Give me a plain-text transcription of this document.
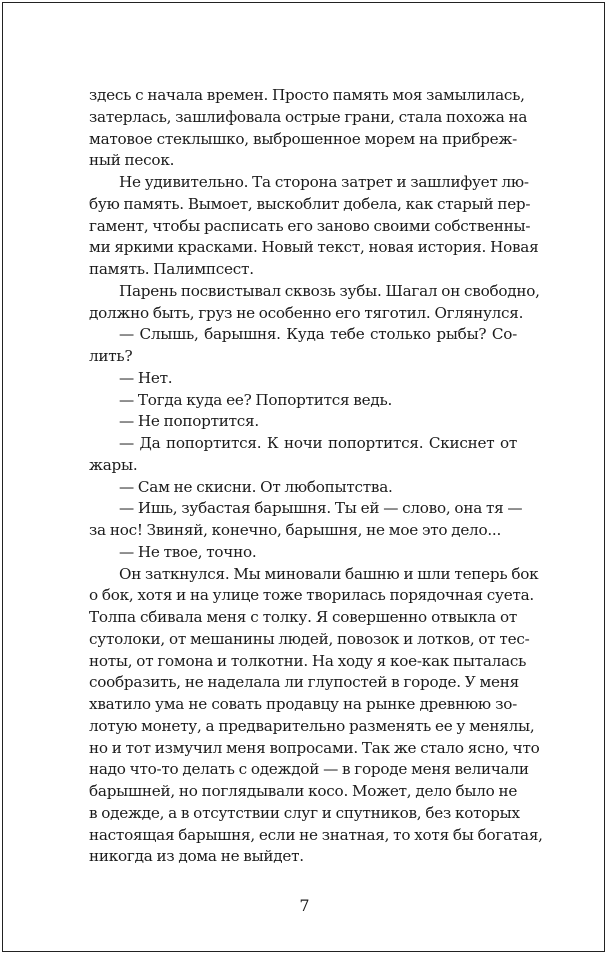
здесь с начала времен. Просто память моя замылилась,
затерлась, зашлифовала острые грани, стала похожа на
матовое стеклышко, выброшенное морем на прибреж-
ный песок.
Не удивительно. Та сторона затрет и зашлифует лю-
бую память. Вымоет, выскоблит добела, как старый пер-
гамент, чтобы расписать его заново своими собственны-
ми яркими красками. Новый текст, новая история. Новая
память. Палимпсест.
Парень посвистывал сквозь зубы. Шагал он свободно,
должно быть, груз не особенно его тяготил. Оглянулся.
— Слышь, барышня. Куда тебе столько рыбы? Со-
лить?
— Нет.
— Тогда куда ее? Попортится ведь.
— Не попортится.
— Да попортится. К ночи попортится. Скиснет от
жары.
— Сам не скисни. От любопытства.
— Ишь, зубастая барышня. Ты ей — слово, она тя —
за нос! Звиняй, конечно, барышня, не мое это дело...
— Не твое, точно.
Он заткнулся. Мы миновали башню и шли теперь бок
о бок, хотя и на улице тоже творилась порядочная суета.
Толпа сбивала меня с толку. Я совершенно отвыкла от
сутолоки, от мешанины людей, повозок и лотков, от тес-
ноты, от гомона и толкотни. На ходу я кое-как пыталась
сообразить, не наделала ли глупостей в городе. У меня
хватило ума не совать продавцу на рынке древнюю зо-
лотую монету, а предварительно разменять ее у менялы,
но и тот измучил меня вопросами. Так же стало ясно, что
надо что-то делать с одеждой — в городе меня величали
барышней, но поглядывали косо. Может, дело было не
в одежде, а в отсутствии слуг и спутников, без которых
настоящая барышня, если не знатная, то хотя бы богатая,
никогда из дома не выйдет.
7
